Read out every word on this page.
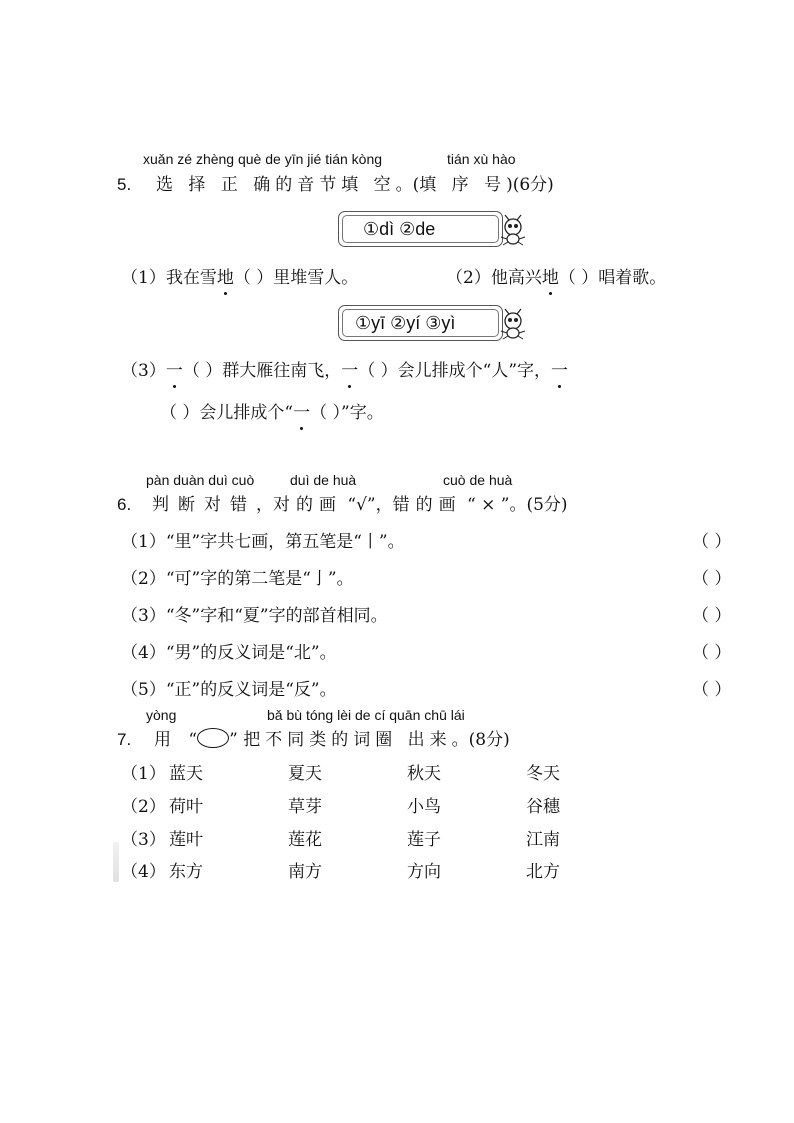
xuǎn zé zhèng què de yīn jié tián kòng	tián xù hào
5. 选 择 正 确的音节填 空。(填 序 号)(6分)
①dì ②de
（1）我在雪地（ ）里堆雪人。	（2）他高兴地（ ）唱着歌。
①yī ②yí ③yì
（3）一（ ）群大雁往南飞，一（ ）会儿排成个“人”字，一
（ ）会儿排成个“一（ ）”字。
pàn duàn duì cuò	duì de huà	cuò de huà
6. 判断对错，对的画 “√”，错的画 “ × ”。(5分)
（1）“里”字共七画，第五笔是“丨”。	（ ）
（2）“可”字的第二笔是“亅”。	（ ）
（3）“冬”字和“夏”字的部首相同。	（ ）
（4）“男”的反义词是“北”。	（ ）
（5）“正”的反义词是“反”。	（ ）
yòng	bǎ bù tóng lèi de cí quān chū lái
7. 用 “ ” 把不同类的词圈 出来。(8分)
（1） 蓝天	夏天	秋天	冬天
（2） 荷叶	草芽	小鸟	谷穗
（3） 莲叶	莲花	莲子	江南
（4） 东方	南方	方向	北方
